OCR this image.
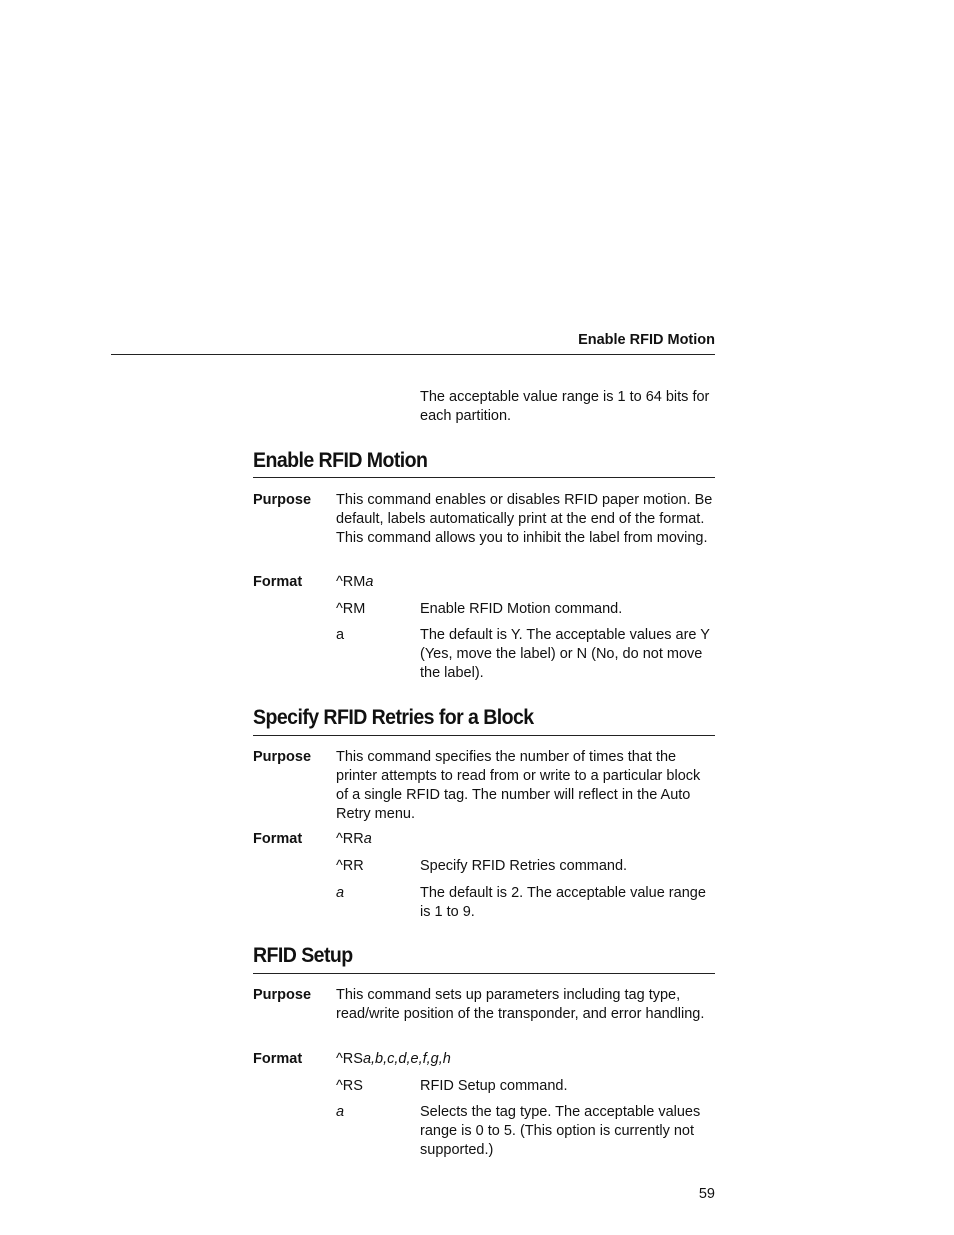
Enable RFID Motion
The acceptable value range is 1 to 64 bits for each partition.
Enable RFID Motion
Purpose This command enables or disables RFID paper motion. Be default, labels automatically print at the end of the format. This command allows you to inhibit the label from moving.
Format ^RMa
^RM	Enable RFID Motion command.
a	The default is Y. The acceptable values are Y (Yes, move the label) or N (No, do not move the label).
Specify RFID Retries for a Block
Purpose This command specifies the number of times that the printer attempts to read from or write to a particular block of a single RFID tag. The number will reflect in the Auto Retry menu.
Format ^RRa
^RR	Specify RFID Retries command.
a	The default is 2. The acceptable value range is 1 to 9.
RFID Setup
Purpose This command sets up parameters including tag type, read/write position of the transponder, and error handling.
Format ^RSa,b,c,d,e,f,g,h
^RS	RFID Setup command.
a	Selects the tag type. The acceptable values range is 0 to 5. (This option is currently not supported.)
59
